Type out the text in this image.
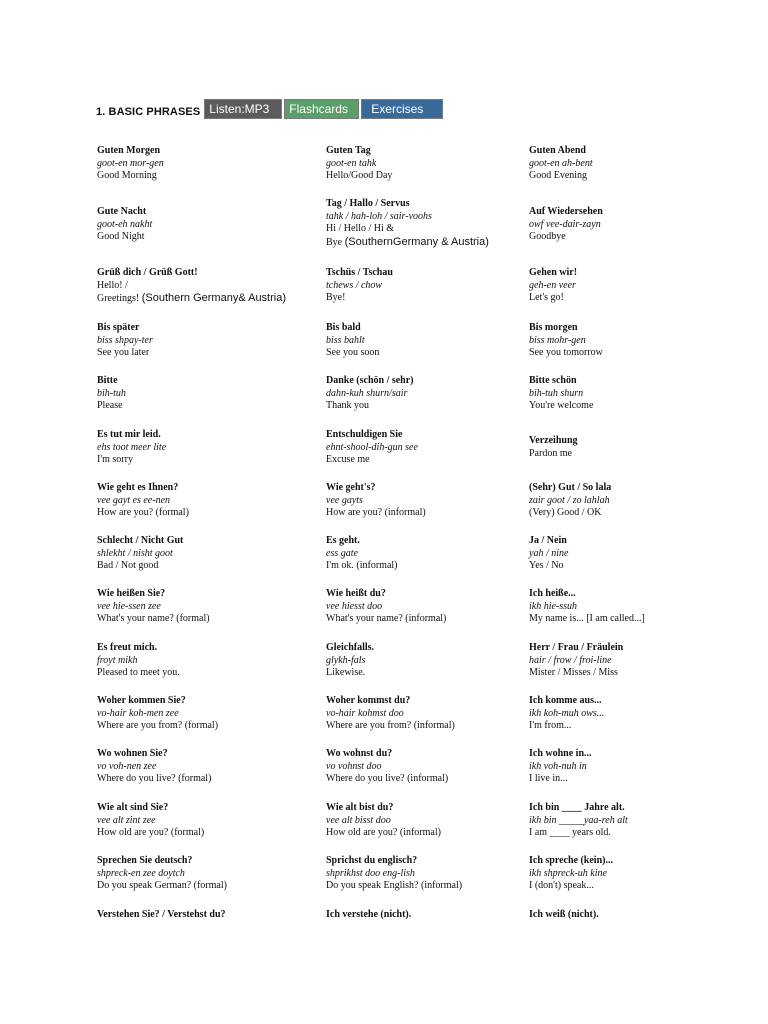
1. BASIC PHRASES Listen:MP3	Flashcards	Exercises
Guten Morgen
goot-en mor-gen
Good Morning
Guten Tag
goot-en tahk
Hello/Good Day
Guten Abend
goot-en ah-bent
Good Evening
Gute Nacht
goot-eh nakht
Good Night
Tag / Hallo / Servus
tahk / hah-loh / sair-voohs
Hi / Hello / Hi &
Bye (SouthernGermany & Austria)
Auf Wiedersehen
owf vee-dair-zayn
Goodbye
Grüß dich / Grüß Gott!
Hello! /
Greetings! (Southern Germany& Austria)
Tschüs / Tschau
tchews / chow
Bye!
Gehen wir!
geh-en veer
Let's go!
Bis später
biss shpay-ter
See you later
Bis bald
biss bahlt
See you soon
Bis morgen
biss mohr-gen
See you tomorrow
Bitte
bih-tuh
Please
Danke (schön / sehr)
dahn-kuh shurn/sair
Thank you
Bitte schön
bih-tuh shurn
You're welcome
Es tut mir leid.
ehs toot meer lite
I'm sorry
Entschuldigen Sie
ehnt-shool-dih-gun see
Excuse me
Verzeihung
Pardon me
Wie geht es Ihnen?
vee gayt es ee-nen
How are you? (formal)
Wie geht's?
vee gayts
How are you? (informal)
(Sehr) Gut / So lala
zair goot / zo lahlah
(Very) Good / OK
Schlecht / Nicht Gut
shlekht / nisht goot
Bad / Not good
Es geht.
ess gate
I'm ok. (informal)
Ja / Nein
yah / nine
Yes / No
Wie heißen Sie?
vee hie-ssen zee
What's your name? (formal)
Wie heißt du?
vee hiesst doo
What's your name? (informal)
Ich heiße...
ikh hie-ssuh
My name is... [I am called...]
Es freut mich.
froyt mikh
Pleased to meet you.
Gleichfalls.
glykh-fals
Likewise.
Herr / Frau / Fräulein
hair / frow / froi-line
Mister / Misses / Miss
Woher kommen Sie?
vo-hair koh-men zee
Where are you from? (formal)
Woher kommst du?
vo-hair kohmst doo
Where are you from? (informal)
Ich komme aus...
ikh koh-muh ows...
I'm from...
Wo wohnen Sie?
vo voh-nen zee
Where do you live? (formal)
Wo wohnst du?
vo vohnst doo
Where do you live? (informal)
Ich wohne in...
ikh voh-nuh in
I live in...
Wie alt sind Sie?
vee alt zint zee
How old are you? (formal)
Wie alt bist du?
vee alt bisst doo
How old are you? (informal)
Ich bin ____ Jahre alt.
ikh bin _____yaa-reh alt
I am ____ years old.
Sprechen Sie deutsch?
shpreck-en zee doytch
Do you speak German? (formal)
Sprichst du englisch?
shprikhst doo eng-lish
Do you speak English? (informal)
Ich spreche (kein)...
ikh shpreck-uh kine
I (don't) speak...
Verstehen Sie? / Verstehst du?	Ich verstehe (nicht).	Ich weiß (nicht).
